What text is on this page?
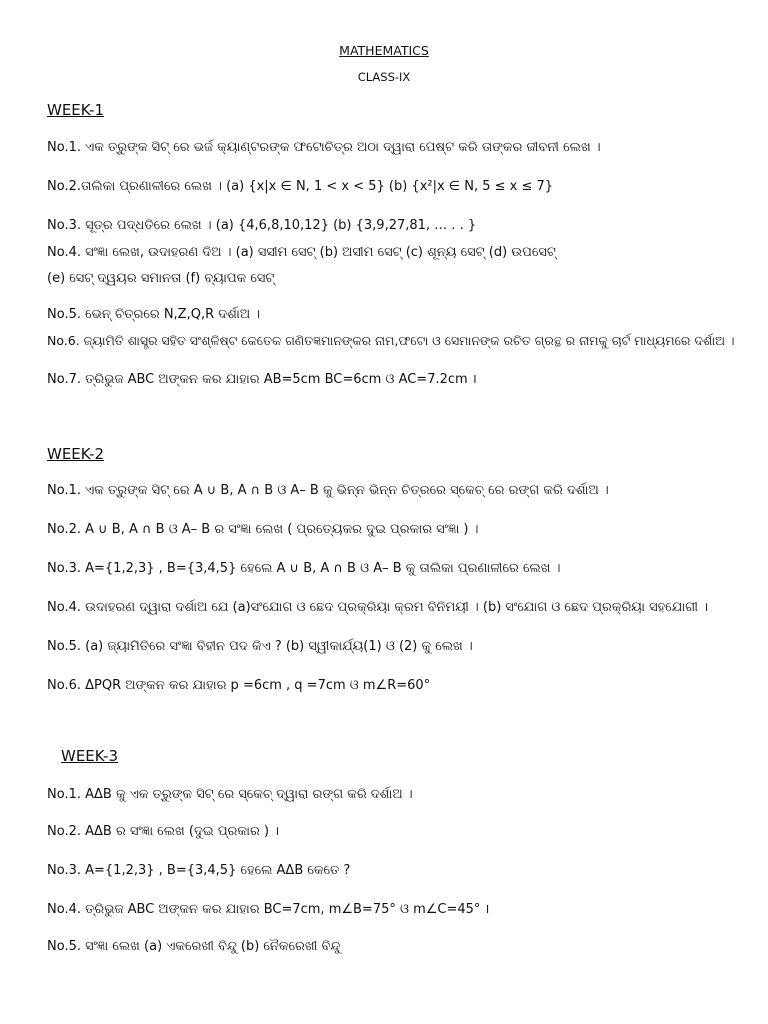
MATHEMATICS
CLASS-IX
WEEK-1
No.1. ଏକ ତ୍ରୁଙ୍କ ସିଟ୍ ରେ ଭର୍ଜ କ୍ୟାଣ୍ଟରଙ୍କ ଫଟୋଚିତ୍ର ଅଠା ଦ୍ୱାରା ପେଷ୍ଟ କରି ତାଙ୍କର ଜୀବନୀ ଲେଖ ।
No.2.ତାଲିକା ପ୍ରଣାଳୀରେ ଲେଖ । (a) {x|x ∈ N, 1 < x < 5} (b) {x²|x ∈ N, 5 ≤ x ≤ 7}
No.3. ସୂତ୍ର ପଦ୍ଧତିରେ ଲେଖ । (a) {4,6,8,10,12} (b) {3,9,27,81, … . . }
No.4. ସଂଜ୍ଞା ଲେଖ, ଉଦାହରଣ ଦିଅ । (a) ସସୀମ ସେଟ୍ (b) ଅସୀମ ସେଟ୍ (c) ଶୂନ୍ୟ ସେଟ୍ (d) ଉପସେଟ୍
(e) ସେଟ୍ ଦ୍ୱୟର ସମାନତା (f) ବ୍ୟାପକ ସେଟ୍
No.5. ଭେନ୍ ଚିତ୍ରରେ N,Z,Q,R ଦର୍ଶାଅ ।
No.6. ଜ୍ୟାମିତି ଶାସ୍ତ୍ର ସହିତ ସଂଶ୍ଳିଷ୍ଟ କେତେକ ଗଣିତଜ୍ଞମାନଙ୍କର ନାମ,ଫଟୋ ଓ ସେମାନଙ୍କ ରଚିତ ଗ୍ରନ୍ଥ ର ନାମକୁ ଚାର୍ଟ ମାଧ୍ୟମରେ ଦର୍ଶାଅ ।
No.7. ତ୍ରିଭୁଜ ABC ଅଙ୍କନ କର ଯାହାର AB=5cm BC=6cm ଓ AC=7.2cm ।
WEEK-2
No.1. ଏକ ତ୍ରୁଙ୍କ ସିଟ୍ ରେ A ∪ B, A ∩ B ଓ A– B କୁ ଭିନ୍ନ ଭିନ୍ନ ଚିତ୍ରରେ ସ୍କେଚ୍ ରେ ରଙ୍ଗ କରି ଦର୍ଶାଅ ।
No.2. A ∪ B, A ∩ B ଓ A– B ର ସଂଜ୍ଞା ଲେଖ ( ପ୍ରତ୍ୟେକର ଦୁଇ ପ୍ରକାର ସଂଜ୍ଞା ) ।
No.3. A={1,2,3} , B={3,4,5} ହେଲେ A ∪ B, A ∩ B ଓ A– B କୁ ତାଲିକା ପ୍ରଣାଳୀରେ ଲେଖ ।
No.4. ଉଦାହରଣ ଦ୍ୱାରା ଦର୍ଶାଅ ଯେ (a)ସଂଯୋଗ ଓ ଛେଦ ପ୍ରକ୍ରିୟା କ୍ରମ ବିନିମୟୀ । (b) ସଂଯୋଗ ଓ ଛେଦ ପ୍ରକ୍ରିୟା ସହଯୋଗୀ ।
No.5. (a) ଜ୍ୟାମିତିରେ ସଂଜ୍ଞା ବିହୀନ ପଦ କିଏ ? (b) ସ୍ୱୀକାର୍ଯ୍ୟ(1) ଓ (2) କୁ ଲେଖ ।
No.6. ΔPQR ଅଙ୍କନ କର ଯାହାର p =6cm , q =7cm ଓ m∠R=60°
WEEK-3
No.1. AΔB କୁ ଏକ ତ୍ରୁଙ୍କ ସିଟ୍ ରେ ସ୍କେଚ୍ ଦ୍ୱାରା ରଙ୍ଗ କରି ଦର୍ଶାଅ ।
No.2. AΔB ର ସଂଜ୍ଞା ଲେଖ (ଦୁଇ ପ୍ରକାର ) ।
No.3. A={1,2,3} , B={3,4,5} ହେଲେ AΔB କେତେ ?
No.4. ତ୍ରିଭୁଜ ABC ଅଙ୍କନ କର ଯାହାର BC=7cm, m∠B=75° ଓ m∠C=45° ।
No.5. ସଂଜ୍ଞା ଲେଖ (a) ଏକରେଖୀ ବିନ୍ଦୁ (b) ନୈକରେଖୀ ବିନ୍ଦୁ
